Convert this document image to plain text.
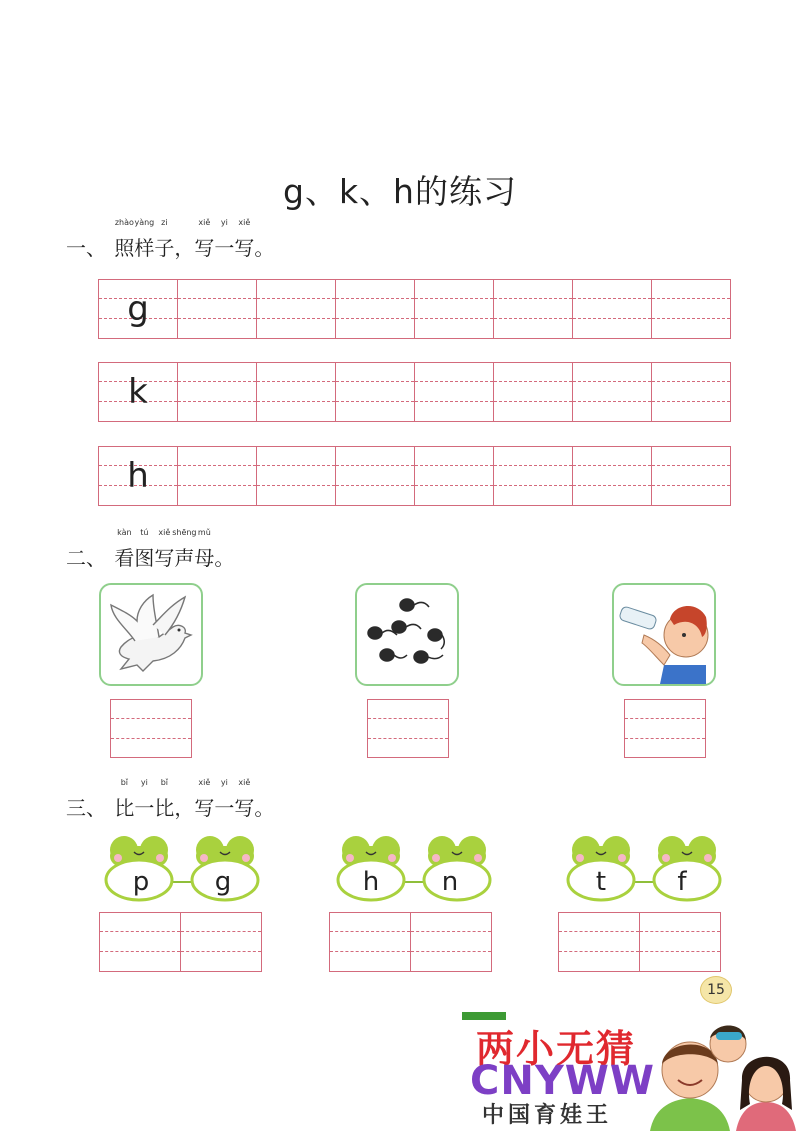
g、k、h的练习
一、
zhào
照
yàng
样
zi
子，
xiě
写
yi
一
xiě
写。
g
k
h
二、
kàn
看
tú
图
xiě
写
shēng
声
mǔ
母。
三、
bǐ
比
yi
一
bǐ
比，
xiě
写
yi
一
xiě
写。
p	g	h n	t	f
15
两小无猜
CNYWW
中国育娃王
